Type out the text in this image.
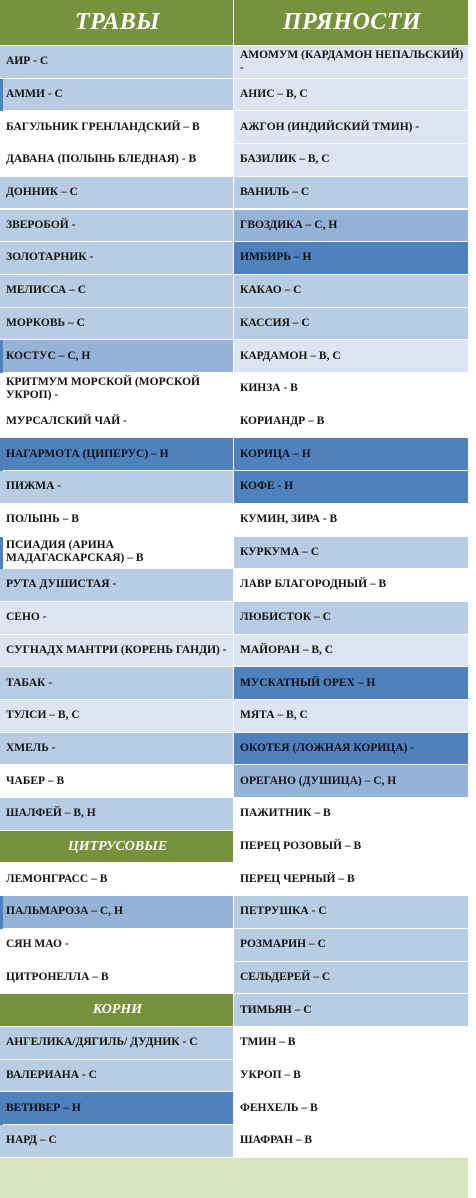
ТРАВЫ
АИР - С
АММИ - С
БАГУЛЬНИК ГРЕНЛАНДСКИЙ – В
ДАВАНА (ПОЛЫНЬ БЛЕДНАЯ) - В
ДОННИК – С
ЗВЕРОБОЙ -
ЗОЛОТАРНИК -
МЕЛИССА – С
МОРКОВЬ – С
КОСТУС – С, Н
КРИТМУМ МОРСКОЙ (МОРСКОЙ УКРОП) -
МУРСАЛСКИЙ ЧАЙ -
НАГАРМОТА (ЦИПЕРУС) – Н
ПИЖМА -
ПОЛЫНЬ – В
ПСИАДИЯ (АРИНА МАДАГАСКАРСКАЯ) – В
РУТА ДУШИСТАЯ -
СЕНО -
СУГНАДХ МАНТРИ (КОРЕНЬ ГАНДИ) -
ТАБАК -
ТУЛСИ – В, С
ХМЕЛЬ -
ЧАБЕР – В
ШАЛФЕЙ – В, Н
ЦИТРУСОВЫЕ
ЛЕМОНГРАСС – В
ПАЛЬМАРОЗА – С, Н
СЯН МАО -
ЦИТРОНЕЛЛА – В
КОРНИ
АНГЕЛИКА/ДЯГИЛЬ/ ДУДНИК - С
ВАЛЕРИАНА - С
ВЕТИВЕР – Н
НАРД – С
ПРЯНОСТИ
АМОМУМ (КАРДАМОН НЕПАЛЬСКИЙ) -
АНИС – В, С
АЖГОН (ИНДИЙСКИЙ ТМИН) -
БАЗИЛИК – В, С
ВАНИЛЬ – С
ГВОЗДИКА – С, Н
ИМБИРЬ – Н
КАКАО – С
КАССИЯ – С
КАРДАМОН – В, С
КИНЗА - В
КОРИАНДР – В
КОРИЦА – Н
КОФЕ - Н
КУМИН, ЗИРА - В
КУРКУМА – С
ЛАВР БЛАГОРОДНЫЙ – В
ЛЮБИСТОК – С
МАЙОРАН – В, С
МУСКАТНЫЙ ОРЕХ – Н
МЯТА – В, С
ОКОТЕЯ (ЛОЖНАЯ КОРИЦА) -
ОРЕГАНО (ДУШИЦА) – С, Н
ПАЖИТНИК – В
ПЕРЕЦ РОЗОВЫЙ – В
ПЕРЕЦ ЧЕРНЫЙ – В
ПЕТРУШКА - С
РОЗМАРИН – С
СЕЛЬДЕРЕЙ – С
ТИМЬЯН – С
ТМИН – В
УКРОП – В
ФЕНХЕЛЬ – В
ШАФРАН – В
